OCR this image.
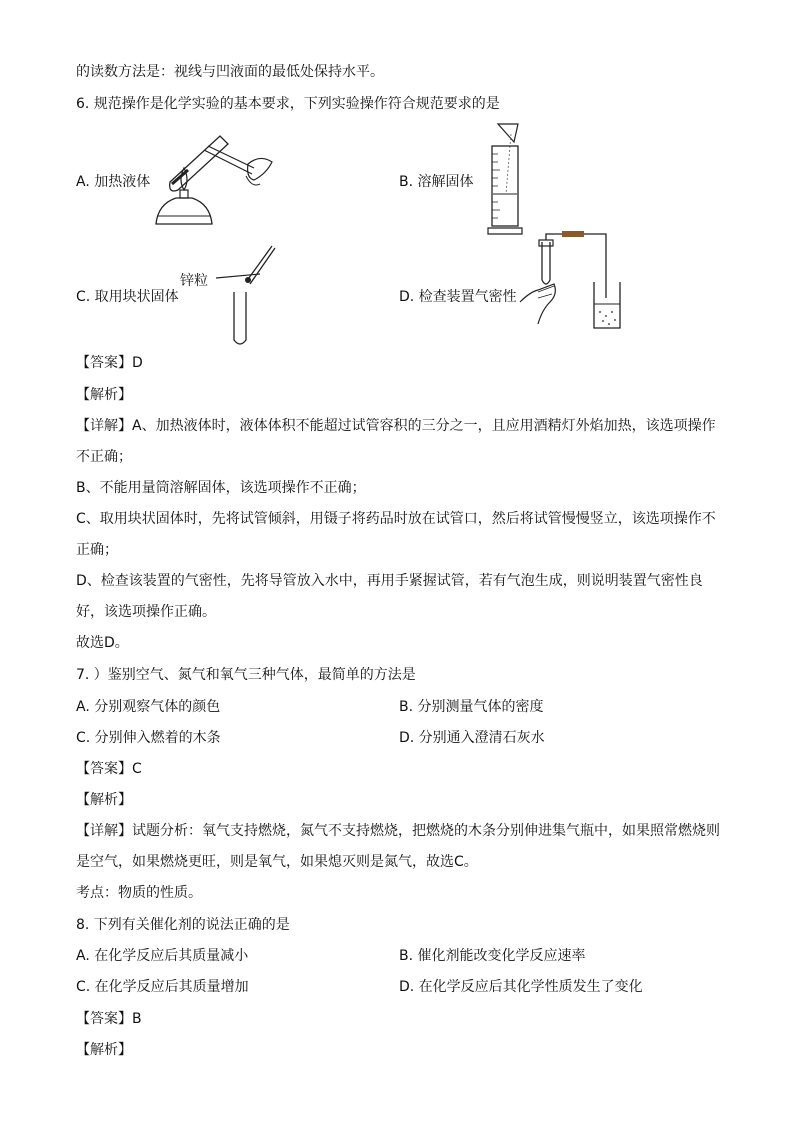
的读数方法是：视线与凹液面的最低处保持水平。
6. 规范操作是化学实验的基本要求，下列实验操作符合规范要求的是
A. 加热液体	B. 溶解固体
锌粒
C. 取用块状固体	D. 检查装置气密性
【答案】D
【解析】
【详解】A、加热液体时，液体体积不能超过试管容积的三分之一，且应用酒精灯外焰加热，该选项操作
不正确；
B、不能用量筒溶解固体，该选项操作不正确；
C、取用块状固体时，先将试管倾斜，用镊子将药品时放在试管口，然后将试管慢慢竖立，该选项操作不
正确；
D、检查该装置的气密性，先将导管放入水中，再用手紧握试管，若有气泡生成，则说明装置气密性良
好，该选项操作正确。
故选D。
7. ）鉴别空气、氮气和氧气三种气体，最简单的方法是
A. 分别观察气体的颜色	B. 分别测量气体的密度
C. 分别伸入燃着的木条	D. 分别通入澄清石灰水
【答案】C
【解析】
【详解】试题分析：氧气支持燃烧，氮气不支持燃烧，把燃烧的木条分别伸进集气瓶中，如果照常燃烧则
是空气，如果燃烧更旺，则是氧气，如果熄灭则是氮气，故选C。
考点：物质的性质。
8. 下列有关催化剂的说法正确的是
A. 在化学反应后其质量减小	B. 催化剂能改变化学反应速率
C. 在化学反应后其质量增加	D. 在化学反应后其化学性质发生了变化
【答案】B
【解析】
